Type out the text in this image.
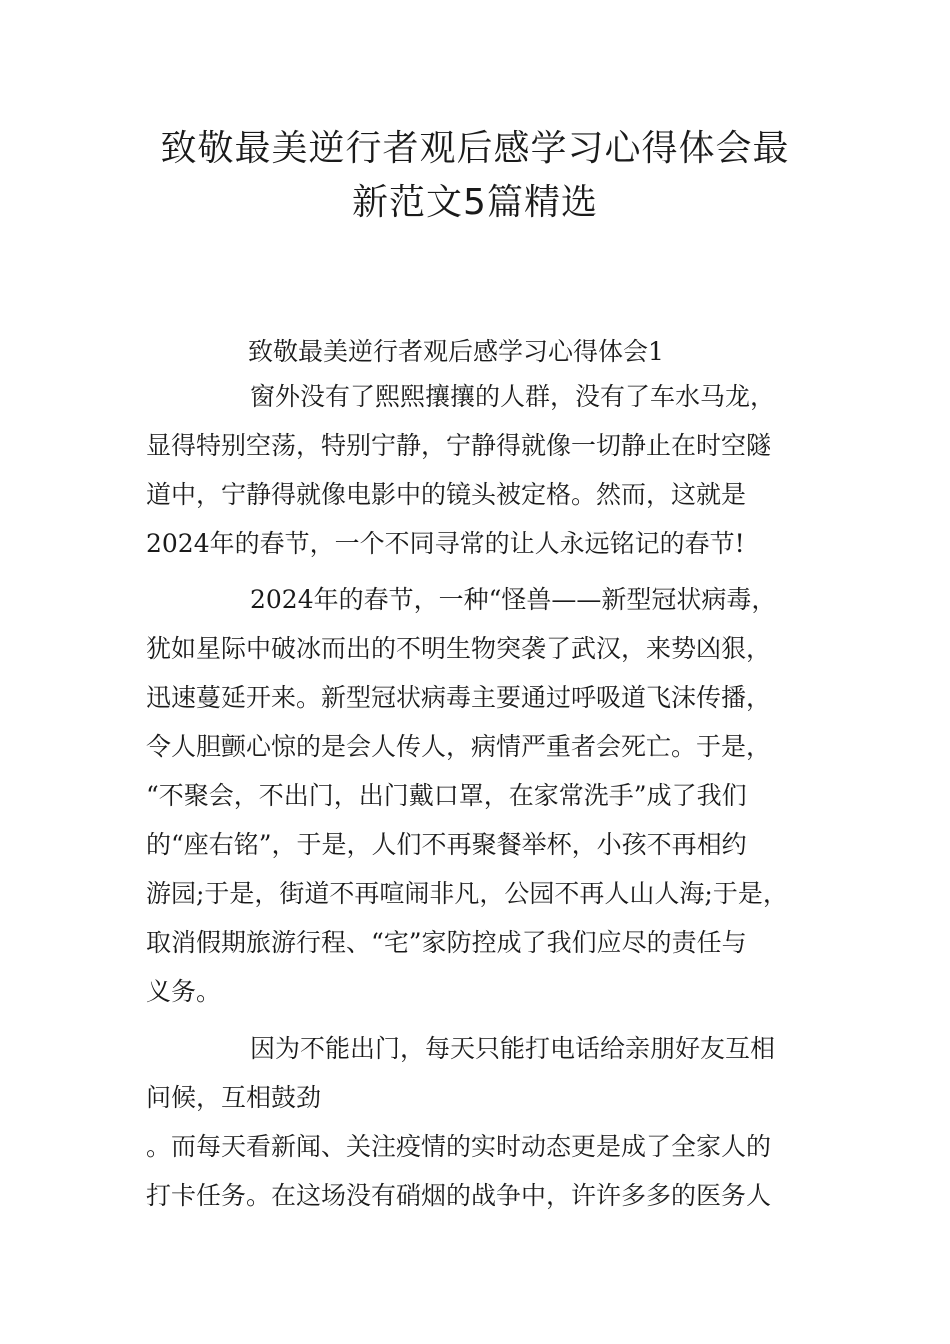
致敬最美逆行者观后感学习心得体会最
新范文5篇精选
致敬最美逆行者观后感学习心得体会1
窗外没有了熙熙攘攘的人群，没有了车水马龙，
显得特别空荡，特别宁静，宁静得就像一切静止在时空隧
道中，宁静得就像电影中的镜头被定格。然而，这就是
2024年的春节，一个不同寻常的让人永远铭记的春节!
2024年的春节，一种“怪兽——新型冠状病毒，
犹如星际中破冰而出的不明生物突袭了武汉，来势凶狠，
迅速蔓延开来。新型冠状病毒主要通过呼吸道飞沫传播，
令人胆颤心惊的是会人传人，病情严重者会死亡。于是，
“不聚会，不出门，出门戴口罩，在家常洗手”成了我们
的“座右铭”，于是，人们不再聚餐举杯，小孩不再相约
游园;于是，街道不再喧闹非凡，公园不再人山人海;于是，
取消假期旅游行程、“宅”家防控成了我们应尽的责任与
义务。
因为不能出门，每天只能打电话给亲朋好友互相
问候，互相鼓劲
。而每天看新闻、关注疫情的实时动态更是成了全家人的
打卡任务。在这场没有硝烟的战争中，许许多多的医务人
